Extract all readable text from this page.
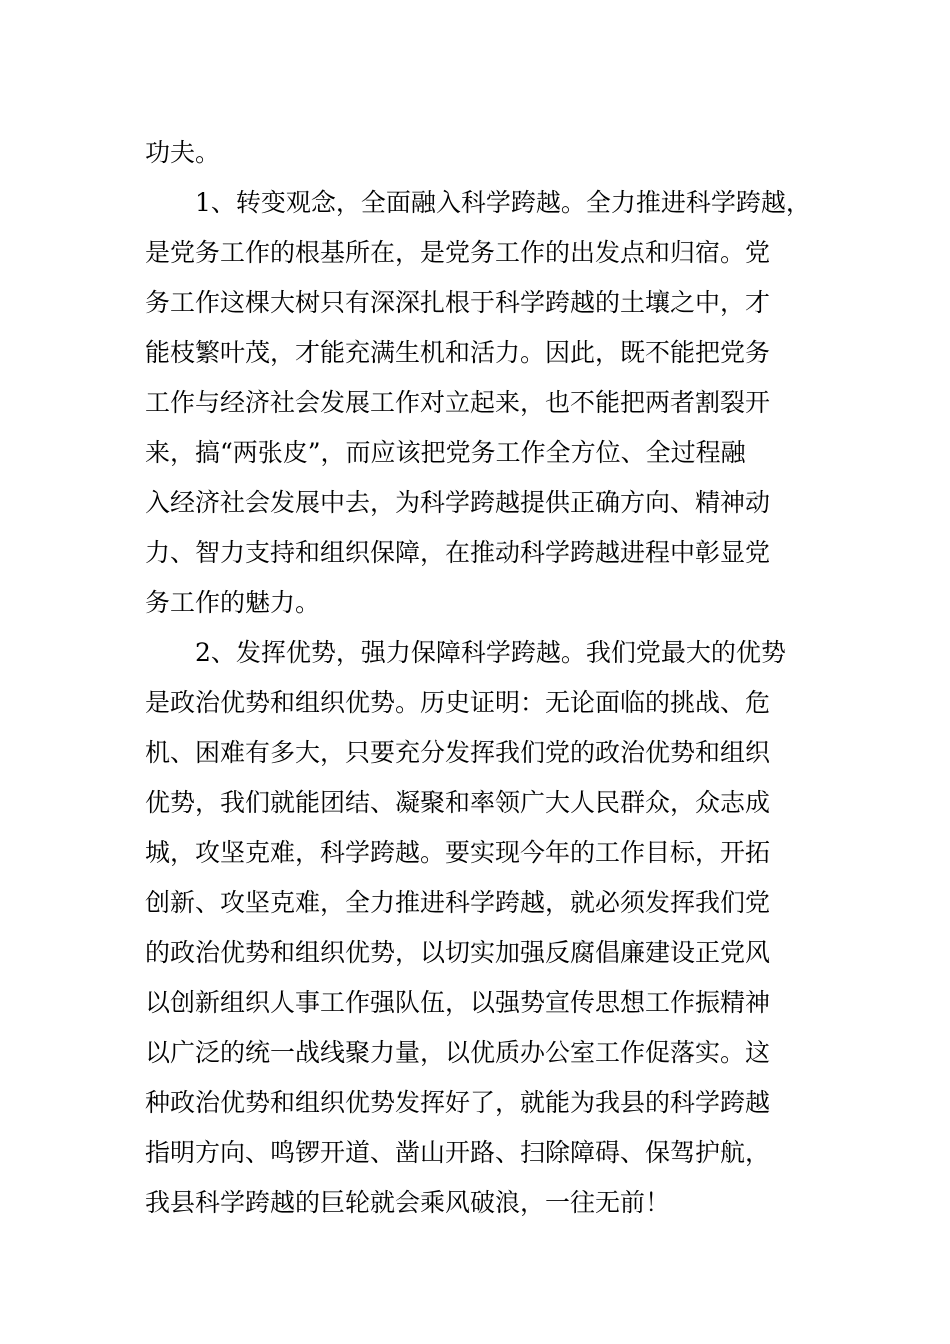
功夫。
1、转变观念，全面融入科学跨越。全力推进科学跨越，
是党务工作的根基所在，是党务工作的出发点和归宿。党
务工作这棵大树只有深深扎根于科学跨越的土壤之中，才
能枝繁叶茂，才能充满生机和活力。因此，既不能把党务
工作与经济社会发展工作对立起来，也不能把两者割裂开
来，搞“两张皮”，而应该把党务工作全方位、全过程融
入经济社会发展中去，为科学跨越提供正确方向、精神动
力、智力支持和组织保障，在推动科学跨越进程中彰显党
务工作的魅力。
2、发挥优势，强力保障科学跨越。我们党最大的优势
是政治优势和组织优势。历史证明：无论面临的挑战、危
机、困难有多大，只要充分发挥我们党的政治优势和组织
优势，我们就能团结、凝聚和率领广大人民群众，众志成
城，攻坚克难，科学跨越。要实现今年的工作目标，开拓
创新、攻坚克难，全力推进科学跨越，就必须发挥我们党
的政治优势和组织优势，以切实加强反腐倡廉建设正党风
以创新组织人事工作强队伍，以强势宣传思想工作振精神
以广泛的统一战线聚力量，以优质办公室工作促落实。这
种政治优势和组织优势发挥好了，就能为我县的科学跨越
指明方向、鸣锣开道、凿山开路、扫除障碍、保驾护航，
我县科学跨越的巨轮就会乘风破浪，一往无前！
